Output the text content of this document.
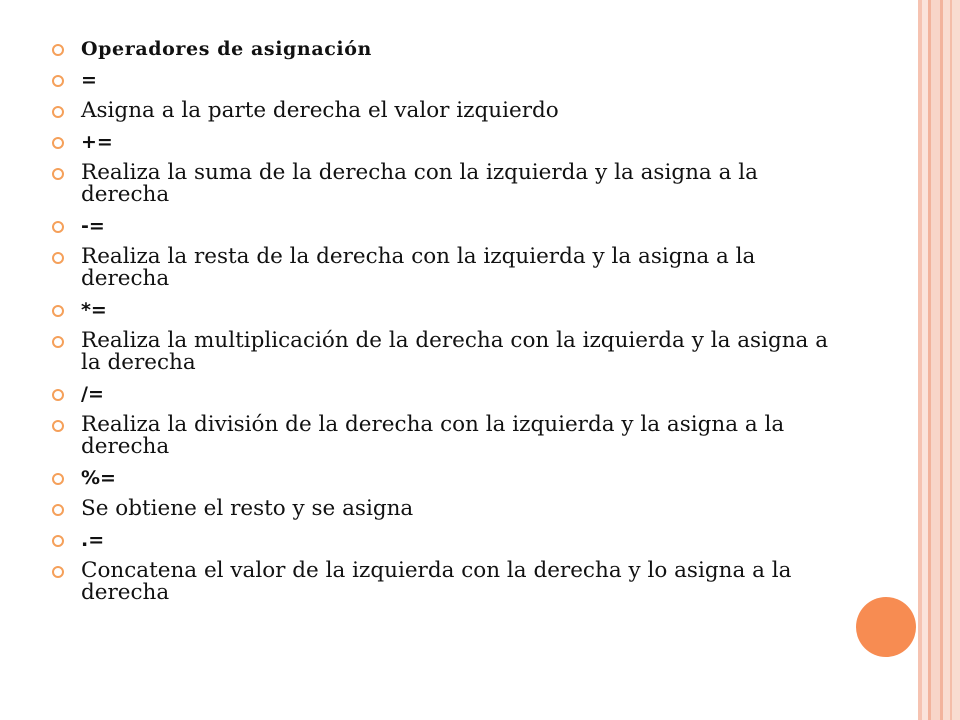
Operadores de asignación
=
Asigna a la parte derecha el valor izquierdo
+=
Realiza la suma de la derecha con la izquierda y la asigna a la derecha
-=
Realiza la resta de la derecha con la izquierda y la asigna a la derecha
*=
Realiza la multiplicación de la derecha con la izquierda y la asigna a la derecha
/=
Realiza la división de la derecha con la izquierda y la asigna a la derecha
%=
Se obtiene el resto y se asigna
.=
Concatena el valor de la izquierda con la derecha y lo asigna a la derecha
